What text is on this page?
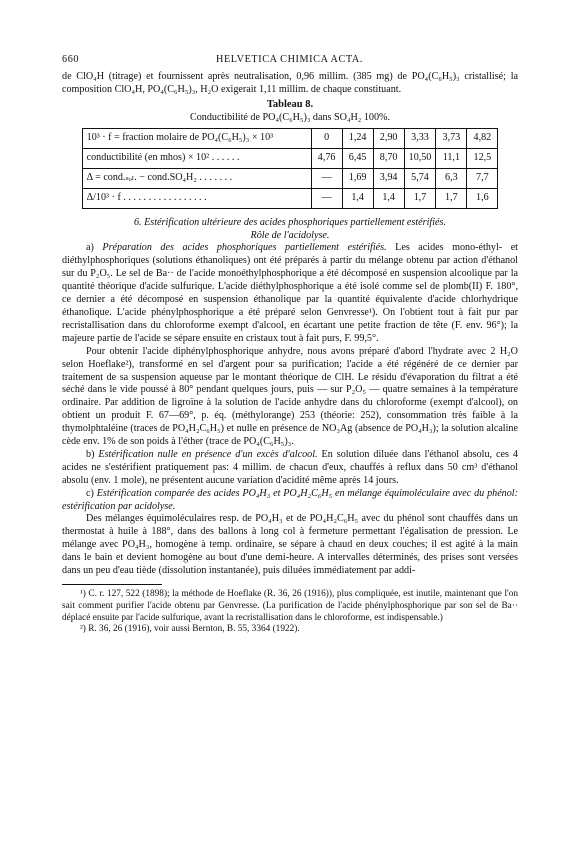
660	HELVETICA CHIMICA ACTA.

de ClO₄H (titrage) et fournissent après neutralisation, 0,96 millim. (385 mg) de PO₄(C₆H₅)₃ cristallisé; la composition ClO₄H, PO₄(C₆H₅)₃, H₂O exigerait 1,11 millim. de chaque constituant.

Tableau 8.
Conductibilité de PO₄(C₆H₅)₃ dans SO₄H₂ 100%.
10³ · f = fraction molaire de PO₄(C₆H₅)₃ × 10³	0	1,24	2,90	3,33	3,73	4,82
conductibilité (en mhos) × 10² . . . . . .	4,76	6,45	8,70	10,50	11,1	12,5
Δ = cond.ₛₒₗ. − cond.SO₄H₂ . . . . . . .	—	1,69	3,94	5,74	6,3	7,7
Δ/10³ · f . . . . . . . . . . . . . . . . .	—	1,4	1,4	1,7	1,7	1,6
6. Estérification ultérieure des acides phosphoriques partiellement estérifiés.
Rôle de l'acidolyse.

a) Préparation des acides phosphoriques partiellement estérifiés. Les acides mono-éthyl- et diéthylphosphoriques (solutions éthanoliques) ont été préparés à partir du mélange obtenu par action d'éthanol sur du P₂O₅. Le sel de Ba·· de l'acide monoéthylphosphorique a été décomposé en suspension alcoolique par la quantité théorique d'acide sulfurique. L'acide diéthylphosphorique a été isolé comme sel de plomb(II) F. 180°, ce dernier a été décomposé en suspension éthanolique par la quantité équivalente d'acide chlorhydrique éthanolique. L'acide phénylphosphorique a été préparé selon Genvresse¹). On l'obtient tout à fait pur par recristallisation dans du chloroforme exempt d'alcool, en écartant une petite fraction de tête (F. env. 96°); la majeure partie de l'acide se sépare ensuite en cristaux tout à fait purs, F. 99,5°.

Pour obtenir l'acide diphénylphosphorique anhydre, nous avons préparé d'abord l'hydrate avec 2 H₂O selon Hoeflake²), transformé en sel d'argent pour sa purification; l'acide a été régénéré de ce dernier par traitement de sa suspension aqueuse par le montant théorique de ClH. Le résidu d'évaporation du filtrat a été séché dans le vide poussé à 80° pendant quelques jours, puis — sur P₂O₅ — quatre semaines à la température ordinaire. Par addition de ligroïne à la solution de l'acide anhydre dans du chloroforme (exempt d'alcool), on obtient un produit F. 67—69°, p. éq. (méthylorange) 253 (théorie: 252), consommation très faible à la thymolphtaléine (traces de PO₄H₂C₆H₅) et nulle en présence de NO₃Ag (absence de PO₄H₃); la solution alcaline cède env. 1% de son poids à l'éther (trace de PO₄(C₆H₅)₃.

b) Estérification nulle en présence d'un excès d'alcool. En solution diluée dans l'éthanol absolu, ces 4 acides ne s'estérifient pratiquement pas: 4 millim. de chacun d'eux, chauffés à reflux dans 50 cm³ d'éthanol absolu (env. 1 mole), ne présentent aucune variation d'acidité même après 14 jours.

c) Estérification comparée des acides PO₄H₃ et PO₄H₂C₆H₅ en mélange équimoléculaire avec du phénol: estérification par acidolyse.

Des mélanges équimoléculaires resp. de PO₄H₃ et de PO₄H₂C₆H₅ avec du phénol sont chauffés dans un thermostat à huile à 188°, dans des ballons à long col à fermeture permettant l'égalisation de pression. Le mélange avec PO₄H₃, homogène à temp. ordinaire, se sépare à chaud en deux couches; il est agité à la main dans le bain et devient homogène au bout d'une demi-heure. A intervalles déterminés, des prises sont versées dans un peu d'eau tiède (dissolution instantanée), puis diluées immédiatement par addi-

¹) C. r. 127, 522 (1898); la méthode de Hoeflake (R. 36, 26 (1916)), plus compliquée, est inutile, maintenant que l'on sait comment purifier l'acide obtenu par Genvresse. (La purification de l'acide phénylphosphorique par son sel de Ba·· déplacé ensuite par l'acide sulfurique, avant la recristallisation dans le chloroforme, est indispensable.)

²) R. 36, 26 (1916), voir aussi Bernton, B. 55, 3364 (1922).
